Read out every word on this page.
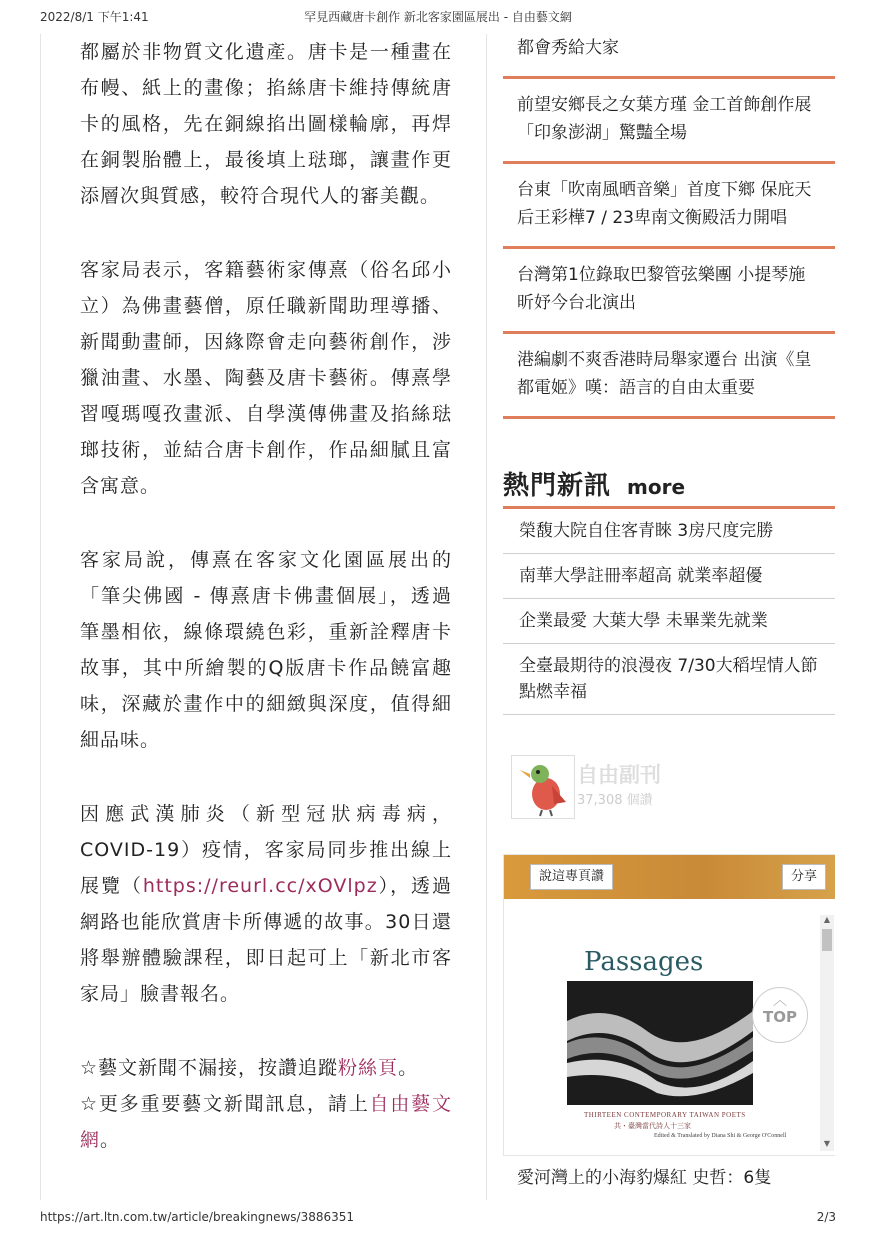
2022/8/1 下午1:41	罕見西藏唐卡創作 新北客家園區展出 - 自由藝文網

都屬於非物質文化遺產。唐卡是一種畫在布幔、紙上的畫像；掐絲唐卡維持傳統唐卡的風格，先在銅線掐出圖樣輪廓，再焊在銅製胎體上，最後填上琺瑯，讓畫作更添層次與質感，較符合現代人的審美觀。

客家局表示，客籍藝術家傳熹（俗名邱小立）為佛畫藝僧，原任職新聞助理導播、新聞動畫師，因緣際會走向藝術創作，涉獵油畫、水墨、陶藝及唐卡藝術。傳熹學習嘎瑪嘎孜畫派、自學漢傳佛畫及掐絲琺瑯技術，並結合唐卡創作，作品細膩且富含寓意。

客家局說，傳熹在客家文化園區展出的「筆尖佛國 - 傳熹唐卡佛畫個展」，透過筆墨相依，線條環繞色彩，重新詮釋唐卡故事，其中所繪製的Q版唐卡作品饒富趣味，深藏於畫作中的細緻與深度，值得細細品味。

因應武漢肺炎（新型冠狀病毒病，COVID-19）疫情，客家局同步推出線上展覽（https://reurl.cc/xOVlpz），透過網路也能欣賞唐卡所傳遞的故事。30日還將舉辦體驗課程，即日起可上「新北市客家局」臉書報名。

☆藝文新聞不漏接，按讚追蹤粉絲頁。

☆更多重要藝文新聞訊息，請上自由藝文網。

都會秀給大家
前望安鄉長之女葉方瑾 金工首飾創作展「印象澎湖」驚豔全場
台東「吹南風晒音樂」首度下鄉 保庇天后王彩樺7 / 23卑南文衡殿活力開唱
台灣第1位錄取巴黎管弦樂團 小提琴施昕妤今台北演出
港編劇不爽香港時局舉家遷台 出演《皇都電姬》嘆：語言的自由太重要
熱門新訊 more
榮馥大院自住客青睞 3房尺度完勝
南華大學註冊率超高 就業率超優
企業最愛 大葉大學 未畢業先就業
全臺最期待的浪漫夜 7/30大稻埕情人節點燃幸福
自由副刊
37,308 個讚
說這專頁讚	分享
Passages
THIRTEEN CONTEMPORARY TAIWAN POETS
共・臺灣當代詩人十三家
Edited & Translated by Diana Shi & George O'Connell
︿
TOP
▲
▼
愛河灣上的小海豹爆紅 史哲：6隻
https://art.ltn.com.tw/article/breakingnews/3886351	2/3
